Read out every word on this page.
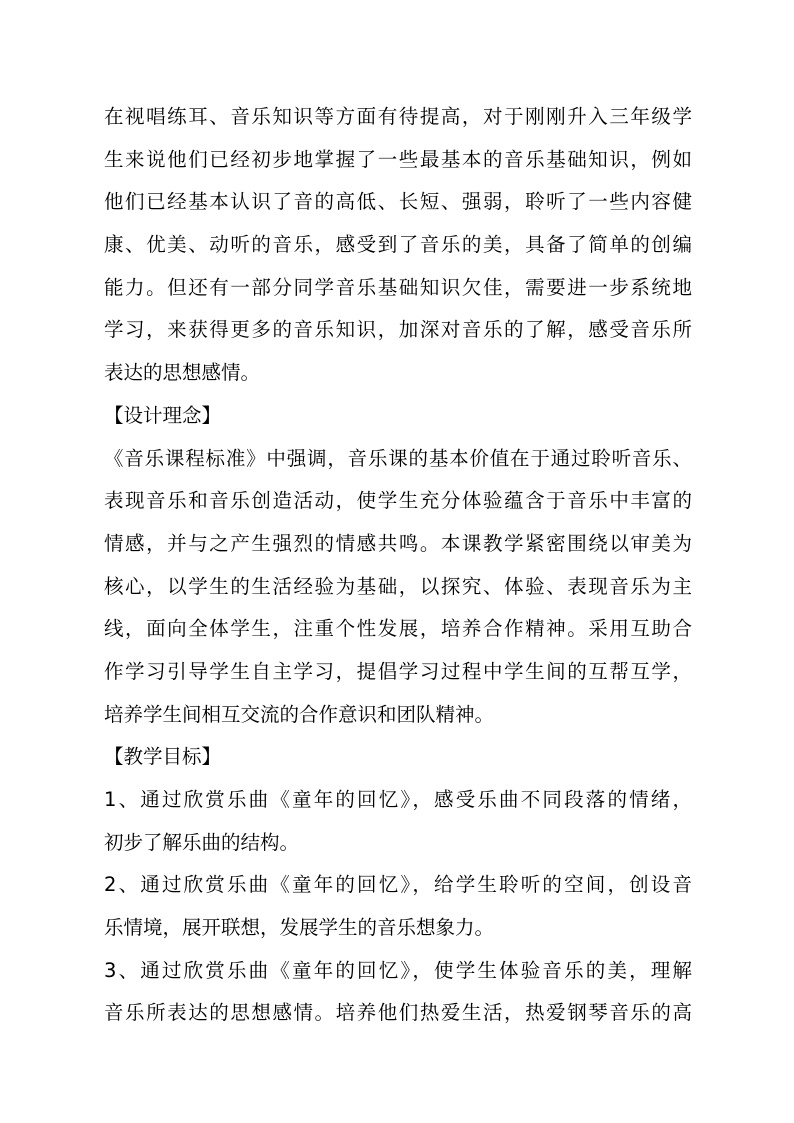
在视唱练耳、音乐知识等方面有待提高，对于刚刚升入三年级学
生来说他们已经初步地掌握了一些最基本的音乐基础知识，例如
他们已经基本认识了音的高低、长短、强弱，聆听了一些内容健
康、优美、动听的音乐，感受到了音乐的美，具备了简单的创编
能力。但还有一部分同学音乐基础知识欠佳，需要进一步系统地
学习，来获得更多的音乐知识，加深对音乐的了解，感受音乐所
表达的思想感情。
【设计理念】
《音乐课程标准》中强调，音乐课的基本价值在于通过聆听音乐、
表现音乐和音乐创造活动，使学生充分体验蕴含于音乐中丰富的
情感，并与之产生强烈的情感共鸣。本课教学紧密围绕以审美为
核心，以学生的生活经验为基础，以探究、体验、表现音乐为主
线，面向全体学生，注重个性发展，培养合作精神。采用互助合
作学习引导学生自主学习，提倡学习过程中学生间的互帮互学，
培养学生间相互交流的合作意识和团队精神。
【教学目标】
1、通过欣赏乐曲《童年的回忆》，感受乐曲不同段落的情绪，
初步了解乐曲的结构。
2、通过欣赏乐曲《童年的回忆》，给学生聆听的空间，创设音
乐情境，展开联想，发展学生的音乐想象力。
3、通过欣赏乐曲《童年的回忆》，使学生体验音乐的美，理解
音乐所表达的思想感情。培养他们热爱生活，热爱钢琴音乐的高
